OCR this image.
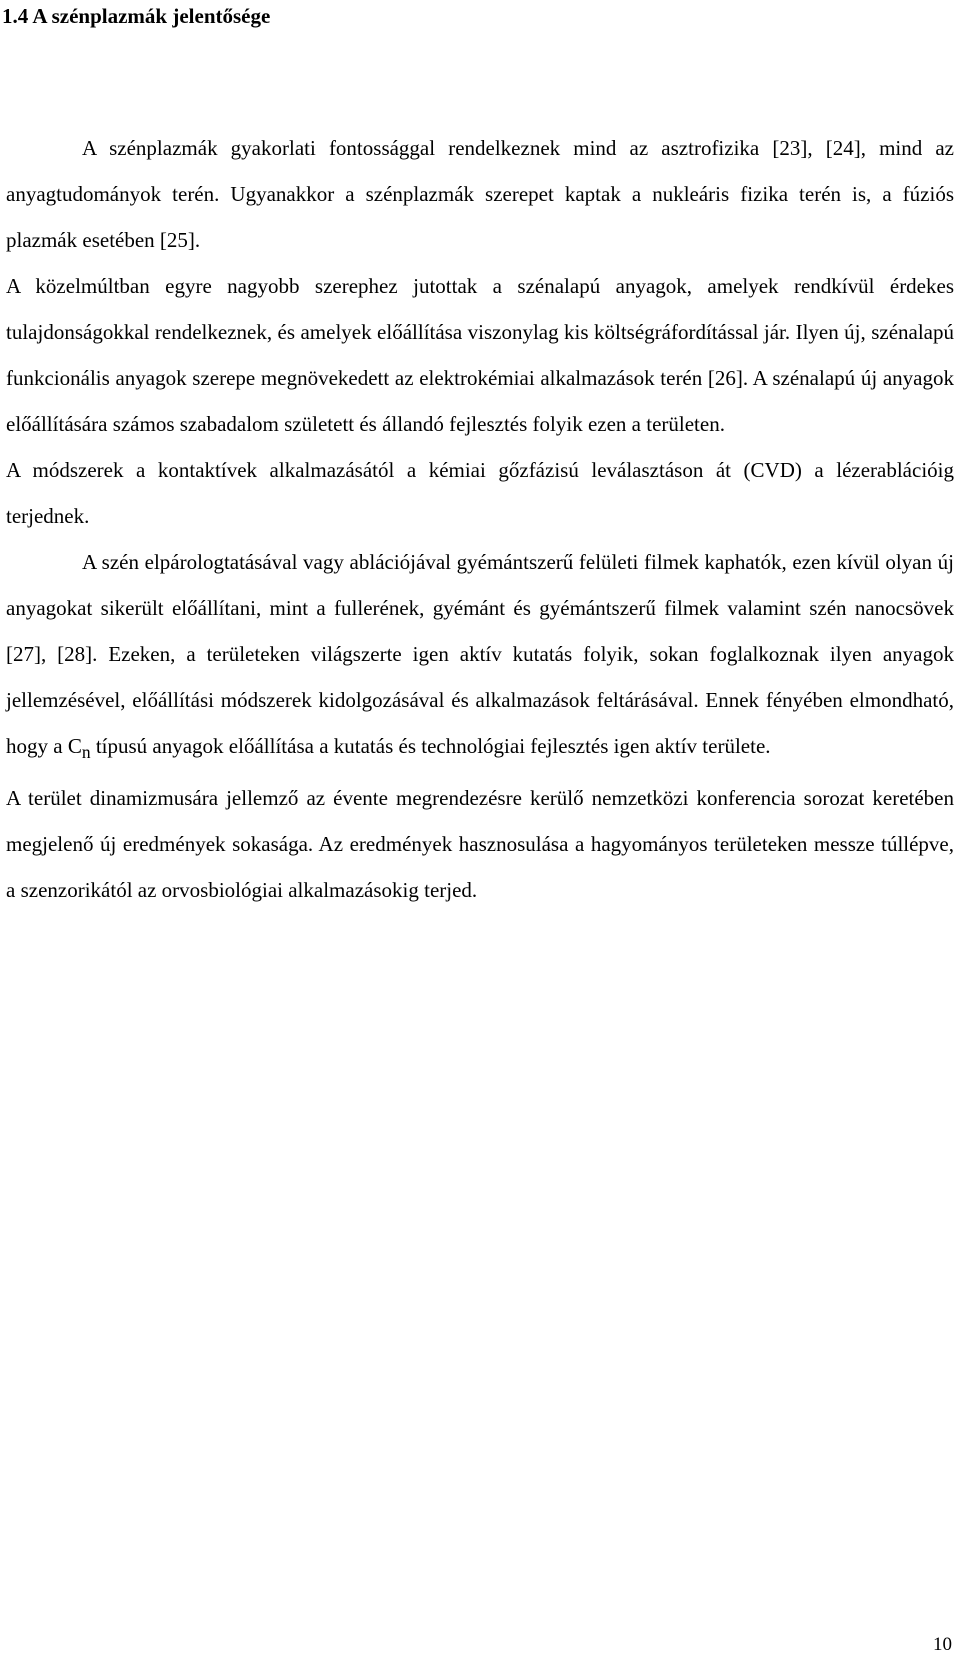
1.4 A szénplazmák jelentősége

A szénplazmák gyakorlati fontossággal rendelkeznek mind az asztrofizika [23], [24], mind az anyagtudományok terén. Ugyanakkor a szénplazmák szerepet kaptak a nukleáris fizika terén is, a fúziós plazmák esetében [25].

A közelmúltban egyre nagyobb szerephez jutottak a szénalapú anyagok, amelyek rendkívül érdekes tulajdonságokkal rendelkeznek, és amelyek előállítása viszonylag kis költségráfordítással jár. Ilyen új, szénalapú funkcionális anyagok szerepe megnövekedett az elektrokémiai alkalmazások terén [26]. A szénalapú új anyagok előállítására számos szabadalom született és állandó fejlesztés folyik ezen a területen.

A módszerek a kontaktívek alkalmazásától a kémiai gőzfázisú leválasztáson át (CVD) a lézerablációig terjednek.

A szén elpárologtatásával vagy ablációjával gyémántszerű felületi filmek kaphatók, ezen kívül olyan új anyagokat sikerült előállítani, mint a fullerének, gyémánt és gyémántszerű filmek valamint szén nanocsövek [27], [28]. Ezeken, a területeken világszerte igen aktív kutatás folyik, sokan foglalkoznak ilyen anyagok jellemzésével, előállítási módszerek kidolgozásával és alkalmazások feltárásával. Ennek fényében elmondható, hogy a $C_n$ típusú anyagok előállítása a kutatás és technológiai fejlesztés igen aktív területe.

A terület dinamizmusára jellemző az évente megrendezésre kerülő nemzetközi konferencia sorozat keretében megjelenő új eredmények sokasága. Az eredmények hasznosulása a hagyományos területeken messze túllépve, a szenzorikától az orvosbiológiai alkalmazásokig terjed.

10
